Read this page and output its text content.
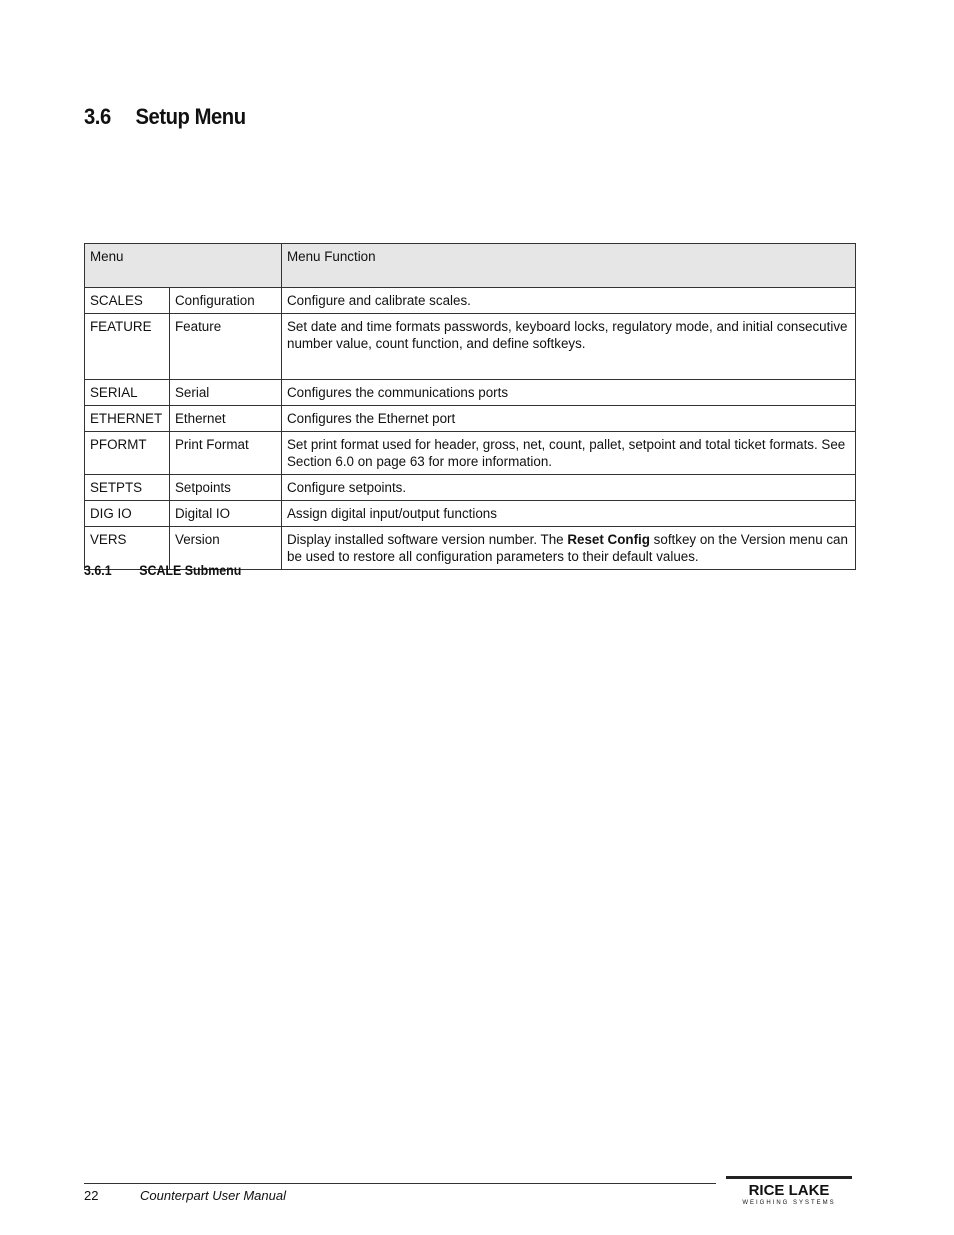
3.6 Setup Menu
Menu		Menu Function
SCALES	Configuration	Configure and calibrate scales.
FEATURE	Feature	Set date and time formats passwords, keyboard locks, regulatory mode, and initial consecutive number value, count function, and define softkeys.
SERIAL	Serial	Configures the communications ports
ETHERNET	Ethernet	Configures the Ethernet port
PFORMT	Print Format	Set print format used for header, gross, net, count, pallet, setpoint and total ticket formats. See Section 6.0 on page 63 for more information.
SETPTS	Setpoints	Configure setpoints.
DIG IO	Digital IO	Assign digital input/output functions
VERS	Version	Display installed software version number. The Reset Config softkey on the Version menu can be used to restore all configuration parameters to their default values.
3.6.1 SCALE Submenu
22	Counterpart User Manual	RICE LAKE
WEIGHING SYSTEMS
